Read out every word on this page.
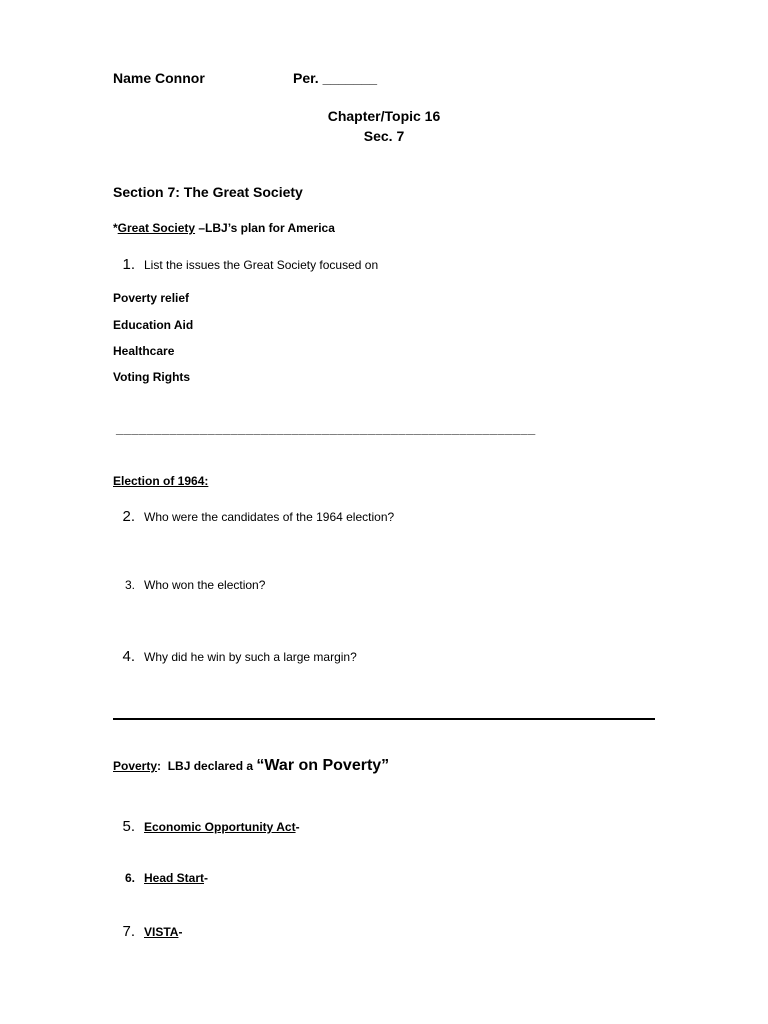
Name Connor	Per. _______
Chapter/Topic 16
Sec. 7
Section 7: The Great Society
*Great Society –LBJ’s plan for America
1. List the issues the Great Society focused on
Poverty relief
Education Aid
Healthcare
Voting Rights
_______________________________________________________
Election of 1964:
2. Who were the candidates of the 1964 election?
3. Who won the election?
4. Why did he win by such a large margin?
Poverty:  LBJ declared a “War on Poverty”
5. Economic Opportunity Act-
6. Head Start-
7. VISTA-
